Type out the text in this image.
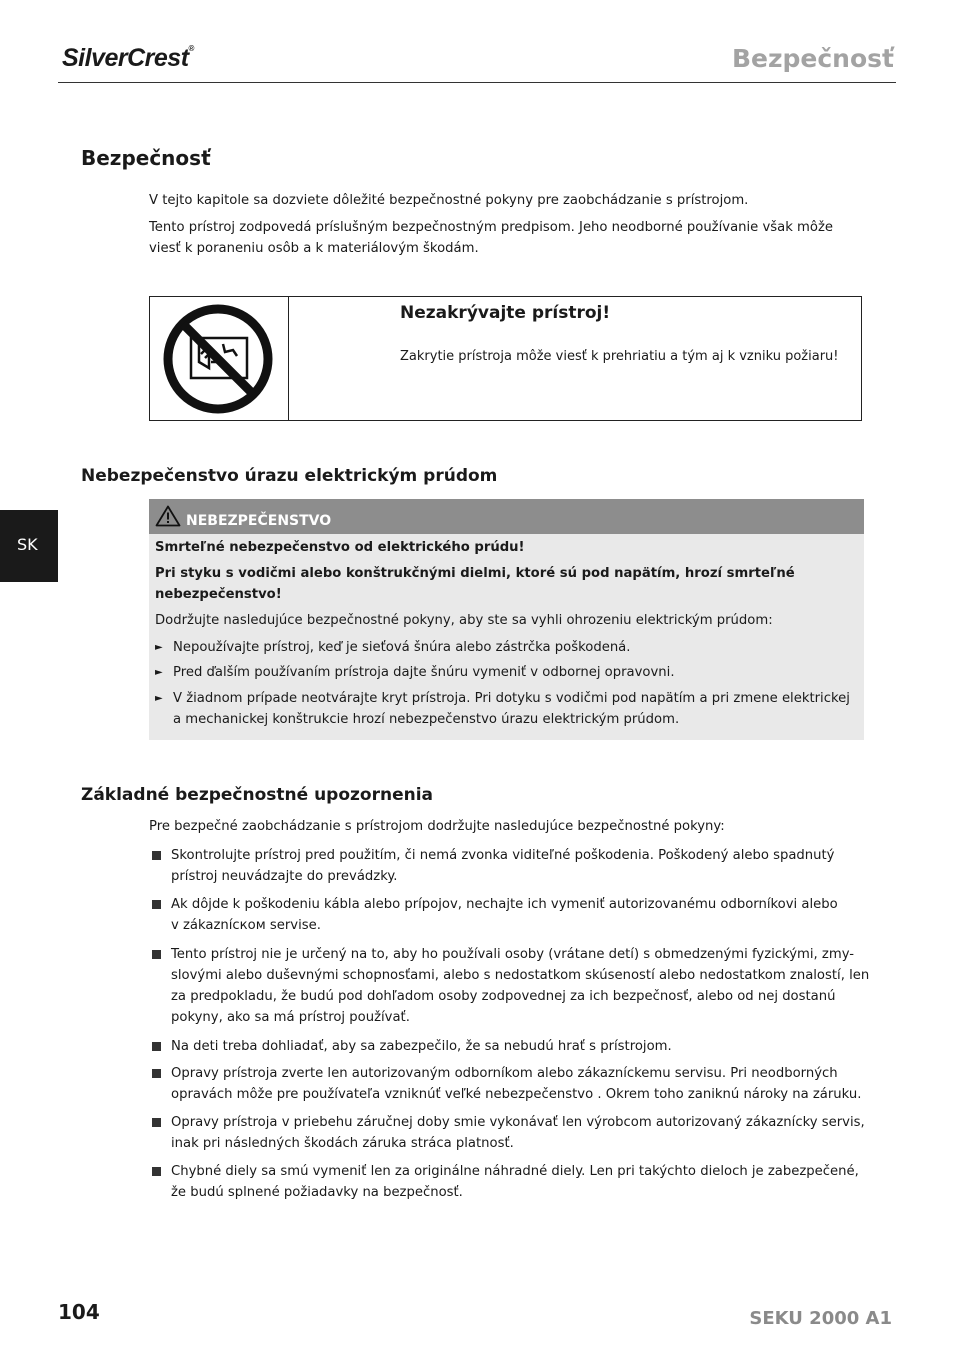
SilverCrest®	Bezpečnosť
Bezpečnosť

V tejto kapitole sa dozviete dôležité bezpečnostné pokyny pre zaobchádzanie s prístrojom.

Tento prístroj zodpovedá príslušným bezpečnostným predpisom. Jeho neodborné používanie však môže

viesť k poraneniu osôb a k materiálovým škodám.

Nezakrývajte prístroj!
Zakrytie prístroja môže viesť k prehriatiu a tým aj k vzniku požiaru!
Nebezpečenstvo úrazu elektrickým prúdom
SK
NEBEZPEČENSTVO
Smrteľné nebezpečenstvo od elektrického prúdu!
Pri styku s vodičmi alebo konštrukčnými dielmi, ktoré sú pod napätím, hrozí smrteľné
nebezpečenstvo!
Dodržujte nasledujúce bezpečnostné pokyny, aby ste sa vyhli ohrozeniu elektrickým prúdom:
► Nepoužívajte prístroj, keď je sieťová šnúra alebo zástrčka poškodená.
► Pred ďalším používaním prístroja dajte šnúru vymeniť v odbornej opravovni.
► V žiadnom prípade neotvárajte kryt prístroja. Pri dotyku s vodičmi pod napätím a pri zmene elektrickej
a mechanickej konštrukcie hrozí nebezpečenstvo úrazu elektrickým prúdom.
Základné bezpečnostné upozornenia

Pre bezpečné zaobchádzanie s prístrojom dodržujte nasledujúce bezpečnostné pokyny:

Skontrolujte prístroj pred použitím, či nemá zvonka viditeľné poškodenia. Poškodený alebo spadnutý

prístroj neuvádzajte do prevádzky.

Ak dôjde k poškodeniu kábla alebo prípojov, nechajte ich vymeniť autorizovanému odborníkovi alebo

v zákaznícком servise.

Tento prístroj nie je určený na to, aby ho používali osoby (vrátane detí) s obmedzenými fyzickými, zmy-

slovými alebo duševnými schopnosťami, alebo s nedostatkom skúseností alebo nedostatkom znalostí, len

za predpokladu, že budú pod dohľadom osoby zodpovednej za ich bezpečnosť, alebo od nej dostanú

pokyny, ako sa má prístroj používať.

Na deti treba dohliadať, aby sa zabezpečilo, že sa nebudú hrať s prístrojom.

Opravy prístroja zverte len autorizovaným odborníkom alebo zákazníckemu servisu. Pri neodborných

opravách môže pre používateľa vzniknúť veľké nebezpečenstvo . Okrem toho zaniknú nároky na záruku.

Opravy prístroja v priebehu záručnej doby smie vykonávať len výrobcom autorizovaný zákaznícky servis,

inak pri následných škodách záruka stráca platnosť.

Chybné diely sa smú vymeniť len za originálne náhradné diely. Len pri takýchto dieloch je zabezpečené,

že budú splnené požiadavky na bezpečnosť.

104	SEKU 2000 A1
